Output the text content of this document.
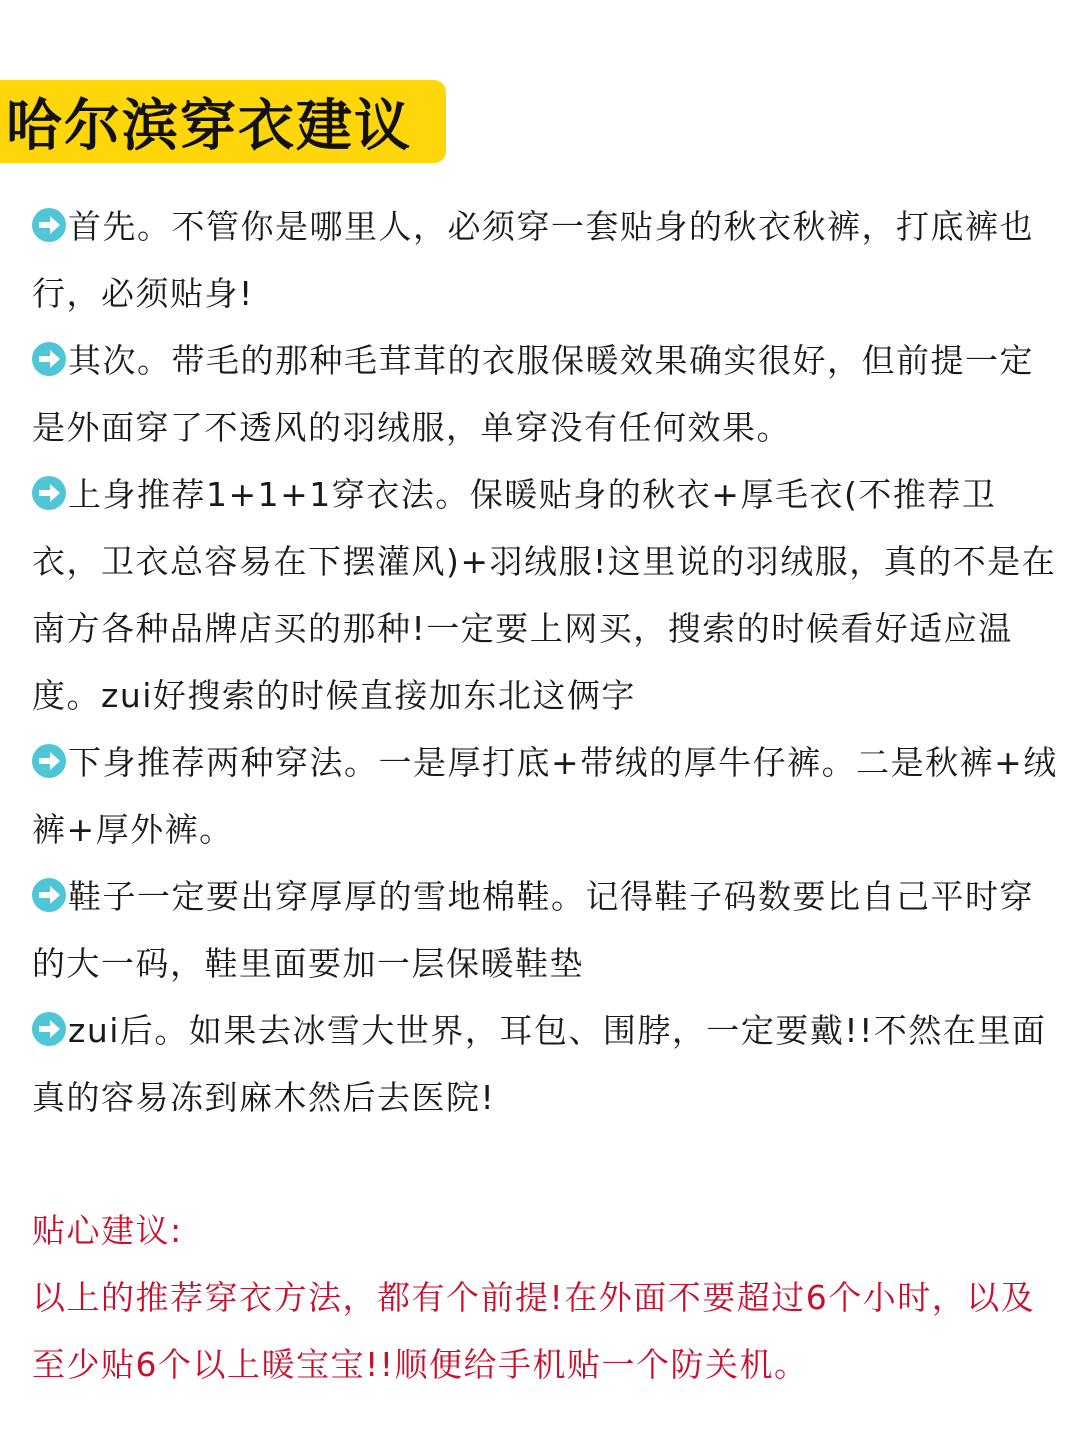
哈尔滨穿衣建议

首先。不管你是哪里人，必须穿一套贴身的秋衣秋裤，打底裤也行，必须贴身!

其次。带毛的那种毛茸茸的衣服保暖效果确实很好，但前提一定是外面穿了不透风的羽绒服，单穿没有任何效果。

上身推荐1+1+1穿衣法。保暖贴身的秋衣+厚毛衣(不推荐卫衣，卫衣总容易在下摆灌风)+羽绒服!这里说的羽绒服，真的不是在南方各种品牌店买的那种!一定要上网买，搜索的时候看好适应温度。zui好搜索的时候直接加东北这俩字

下身推荐两种穿法。一是厚打底+带绒的厚牛仔裤。二是秋裤+绒裤+厚外裤。

鞋子一定要出穿厚厚的雪地棉鞋。记得鞋子码数要比自己平时穿的大一码，鞋里面要加一层保暖鞋垫

zui后。如果去冰雪大世界，耳包、围脖，一定要戴!!不然在里面真的容易冻到麻木然后去医院!

贴心建议:

以上的推荐穿衣方法，都有个前提!在外面不要超过6个小时，以及至少贴6个以上暖宝宝!!顺便给手机贴一个防关机。
